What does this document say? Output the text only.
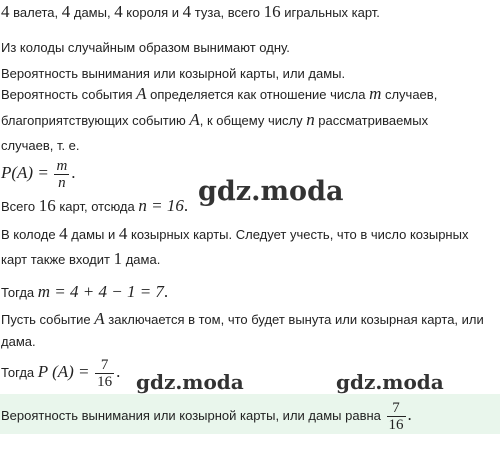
4 валета, 4 дамы, 4 короля и 4 туза, всего 16 игральных карт.
Из колоды случайным образом вынимают одну.
Вероятность вынимания или козырной карты, или дамы.
Вероятность события A определяется как отношение числа m случаев,
благоприятствующих событию A, к общему числу n рассматриваемых
случаев, т. е.
$P(A) = \frac{m}{n}$ .
Всего 16 карт, отсюда n = 16.
В колоде 4 дамы и 4 козырных карты. Следует учесть, что в число козырных
карт также входит 1 дама.
Тогда m = 4 + 4 − 1 = 7.
Пусть событие A заключается в том, что будет вынута или козырная карта, или
дама.
Тогда P $(A) = \frac{7}{16}$ .
Вероятность вынимания или козырной карты, или дамы равна $\frac{7}{16}$ .
gdz.moda
gdz.moda	gdz.moda
